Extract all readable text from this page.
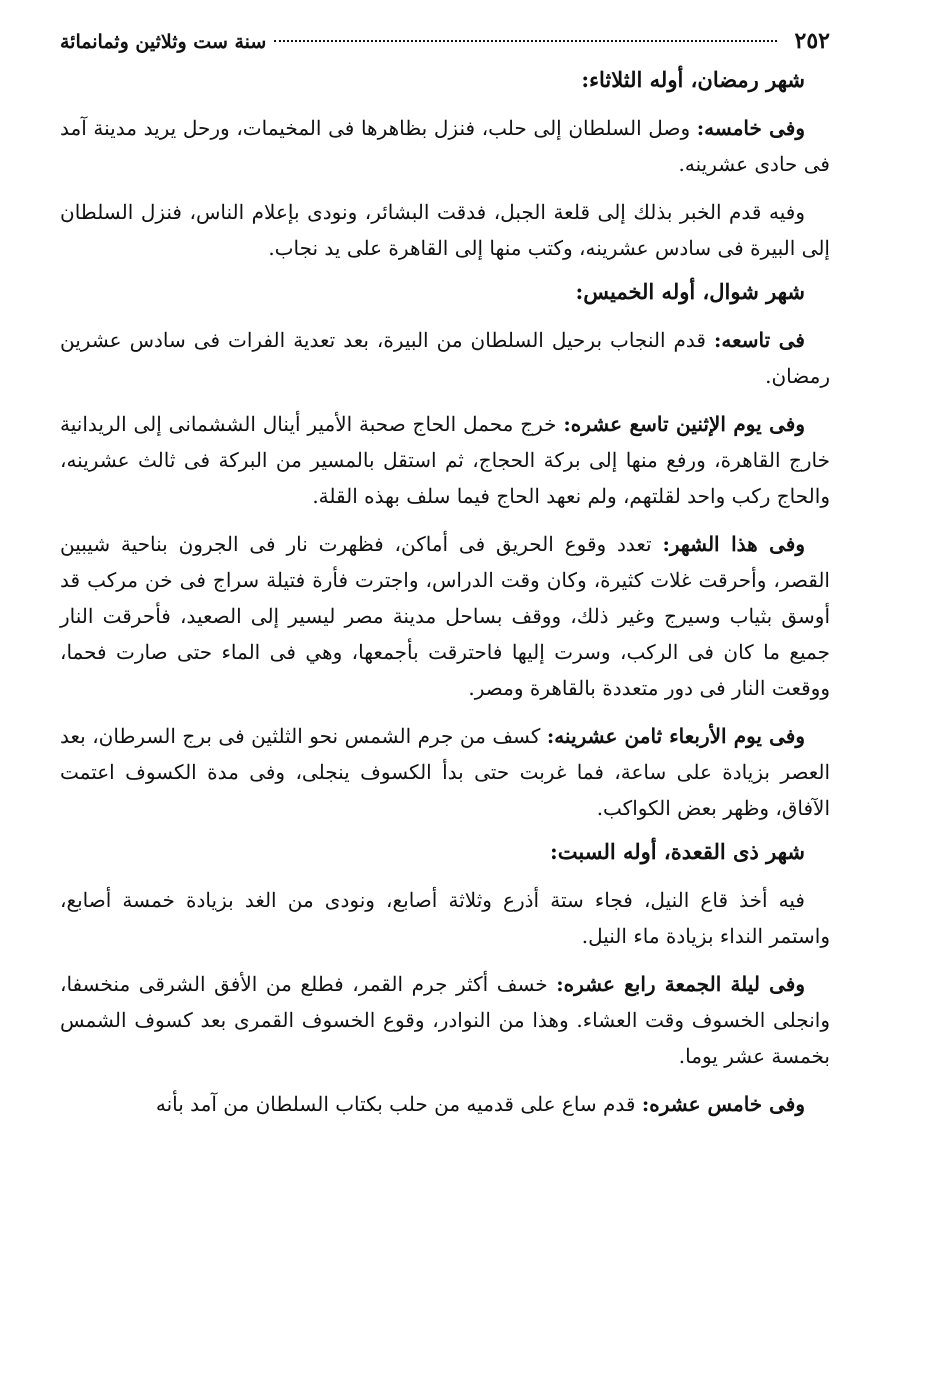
٢٥٢
سنة ست وثلاثين وثمانمائة
شهر رمضان، أوله الثلاثاء:

وفى خامسه: وصل السلطان إلى حلب، فنزل بظاهرها فى المخيمات، ورحل يريد مدينة آمد فى حادى عشرينه.

وفيه قدم الخبر بذلك إلى قلعة الجبل، فدقت البشائر، ونودى بإعلام الناس، فنزل السلطان إلى البيرة فى سادس عشرينه، وكتب منها إلى القاهرة على يد نجاب.

شهر شوال، أوله الخميس:

فى تاسعه: قدم النجاب برحيل السلطان من البيرة، بعد تعدية الفرات فى سادس عشرين رمضان.

وفى يوم الإثنين تاسع عشره: خرج محمل الحاج صحبة الأمير أينال الششمانى إلى الريدانية خارج القاهرة، ورفع منها إلى بركة الحجاج، ثم استقل بالمسير من البركة فى ثالث عشرينه، والحاج ركب واحد لقلتهم، ولم نعهد الحاج فيما سلف بهذه القلة.

وفى هذا الشهر: تعدد وقوع الحريق فى أماكن، فظهرت نار فى الجرون بناحية شيبين القصر، وأحرقت غلات كثيرة، وكان وقت الدراس، واجترت فأرة فتيلة سراج فى خن مركب قد أوسق بثياب وسيرج وغير ذلك، ووقف بساحل مدينة مصر ليسير إلى الصعيد، فأحرقت النار جميع ما كان فى الركب، وسرت إليها فاحترقت بأجمعها، وهي فى الماء حتى صارت فحما، ووقعت النار فى دور متعددة بالقاهرة ومصر.

وفى يوم الأربعاء ثامن عشرينه: كسف من جرم الشمس نحو الثلثين فى برج السرطان، بعد العصر بزيادة على ساعة، فما غربت حتى بدأ الكسوف ينجلى، وفى مدة الكسوف اعتمت الآفاق، وظهر بعض الكواكب.

شهر ذى القعدة، أوله السبت:

فيه أخذ قاع النيل، فجاء ستة أذرع وثلاثة أصابع، ونودى من الغد بزيادة خمسة أصابع، واستمر النداء بزيادة ماء النيل.

وفى ليلة الجمعة رابع عشره: خسف أكثر جرم القمر، فطلع من الأفق الشرقى منخسفا، وانجلى الخسوف وقت العشاء. وهذا من النوادر، وقوع الخسوف القمرى بعد كسوف الشمس بخمسة عشر يوما.

وفى خامس عشره: قدم ساع على قدميه من حلب بكتاب السلطان من آمد بأنه
